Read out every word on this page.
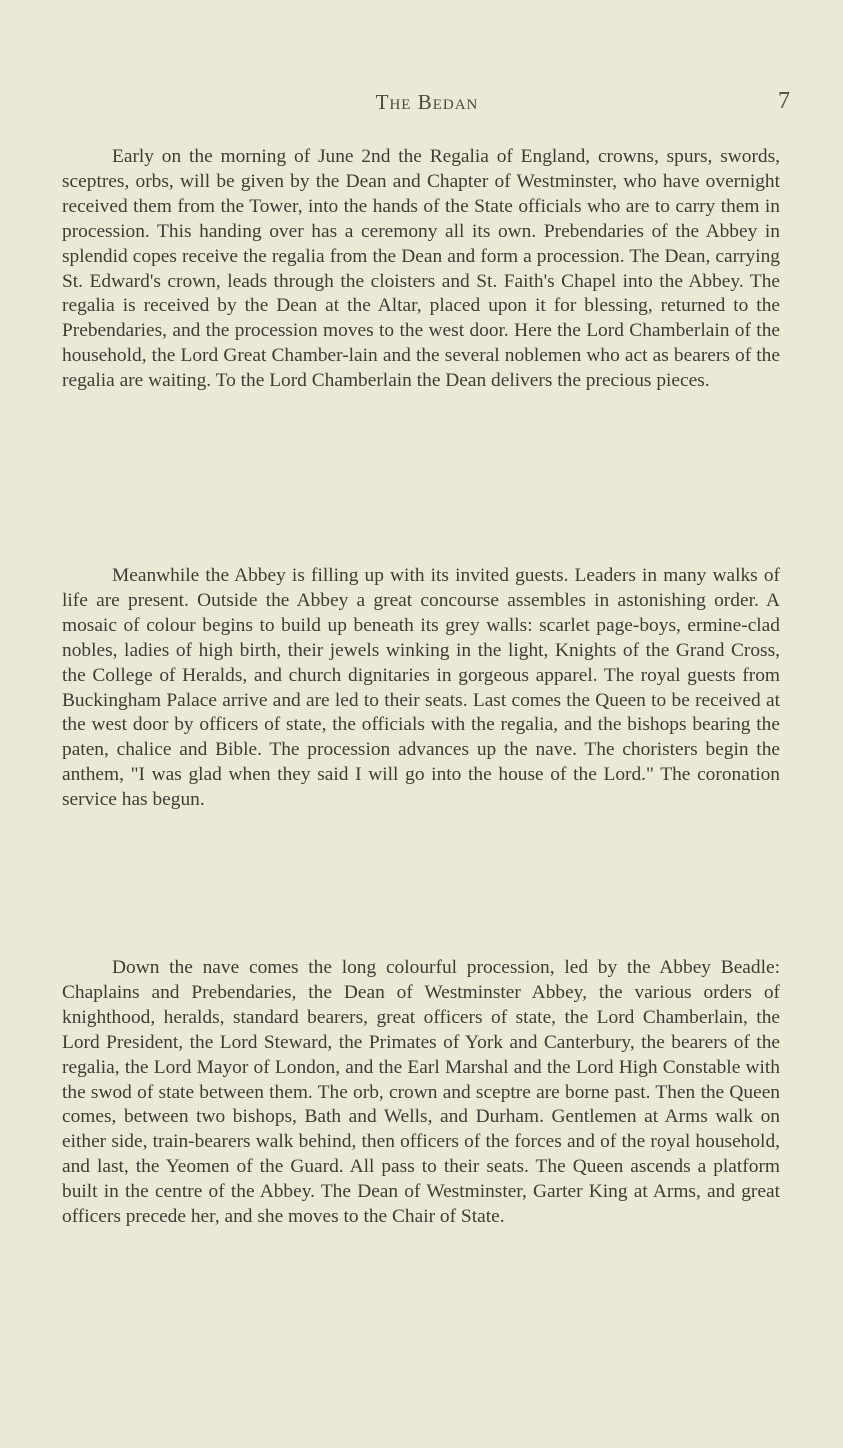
The Bedan	7

Early on the morning of June 2nd the Regalia of England, crowns, spurs, swords, sceptres, orbs, will be given by the Dean and Chapter of Westminster, who have overnight received them from the Tower, into the hands of the State officials who are to carry them in procession. This handing over has a ceremony all its own. Prebendaries of the Abbey in splendid copes receive the regalia from the Dean and form a procession. The Dean, carrying St. Edward's crown, leads through the cloisters and St. Faith's Chapel into the Abbey. The regalia is received by the Dean at the Altar, placed upon it for blessing, returned to the Prebendaries, and the procession moves to the west door. Here the Lord Chamberlain of the household, the Lord Great Chamber-lain and the several noblemen who act as bearers of the regalia are waiting. To the Lord Chamberlain the Dean delivers the precious pieces.

Meanwhile the Abbey is filling up with its invited guests. Leaders in many walks of life are present. Outside the Abbey a great concourse assembles in astonishing order. A mosaic of colour begins to build up beneath its grey walls: scarlet page-boys, ermine-clad nobles, ladies of high birth, their jewels winking in the light, Knights of the Grand Cross, the College of Heralds, and church dignitaries in gorgeous apparel. The royal guests from Buckingham Palace arrive and are led to their seats. Last comes the Queen to be received at the west door by officers of state, the officials with the regalia, and the bishops bearing the paten, chalice and Bible. The procession advances up the nave. The choristers begin the anthem, "I was glad when they said I will go into the house of the Lord." The coronation service has begun.

Down the nave comes the long colourful procession, led by the Abbey Beadle: Chaplains and Prebendaries, the Dean of Westminster Abbey, the various orders of knighthood, heralds, standard bearers, great officers of state, the Lord Chamberlain, the Lord President, the Lord Steward, the Primates of York and Canterbury, the bearers of the regalia, the Lord Mayor of London, and the Earl Marshal and the Lord High Constable with the swod of state between them. The orb, crown and sceptre are borne past. Then the Queen comes, between two bishops, Bath and Wells, and Durham. Gentlemen at Arms walk on either side, train-bearers walk behind, then officers of the forces and of the royal household, and last, the Yeomen of the Guard. All pass to their seats. The Queen ascends a platform built in the centre of the Abbey. The Dean of Westminster, Garter King at Arms, and great officers precede her, and she moves to the Chair of State.
